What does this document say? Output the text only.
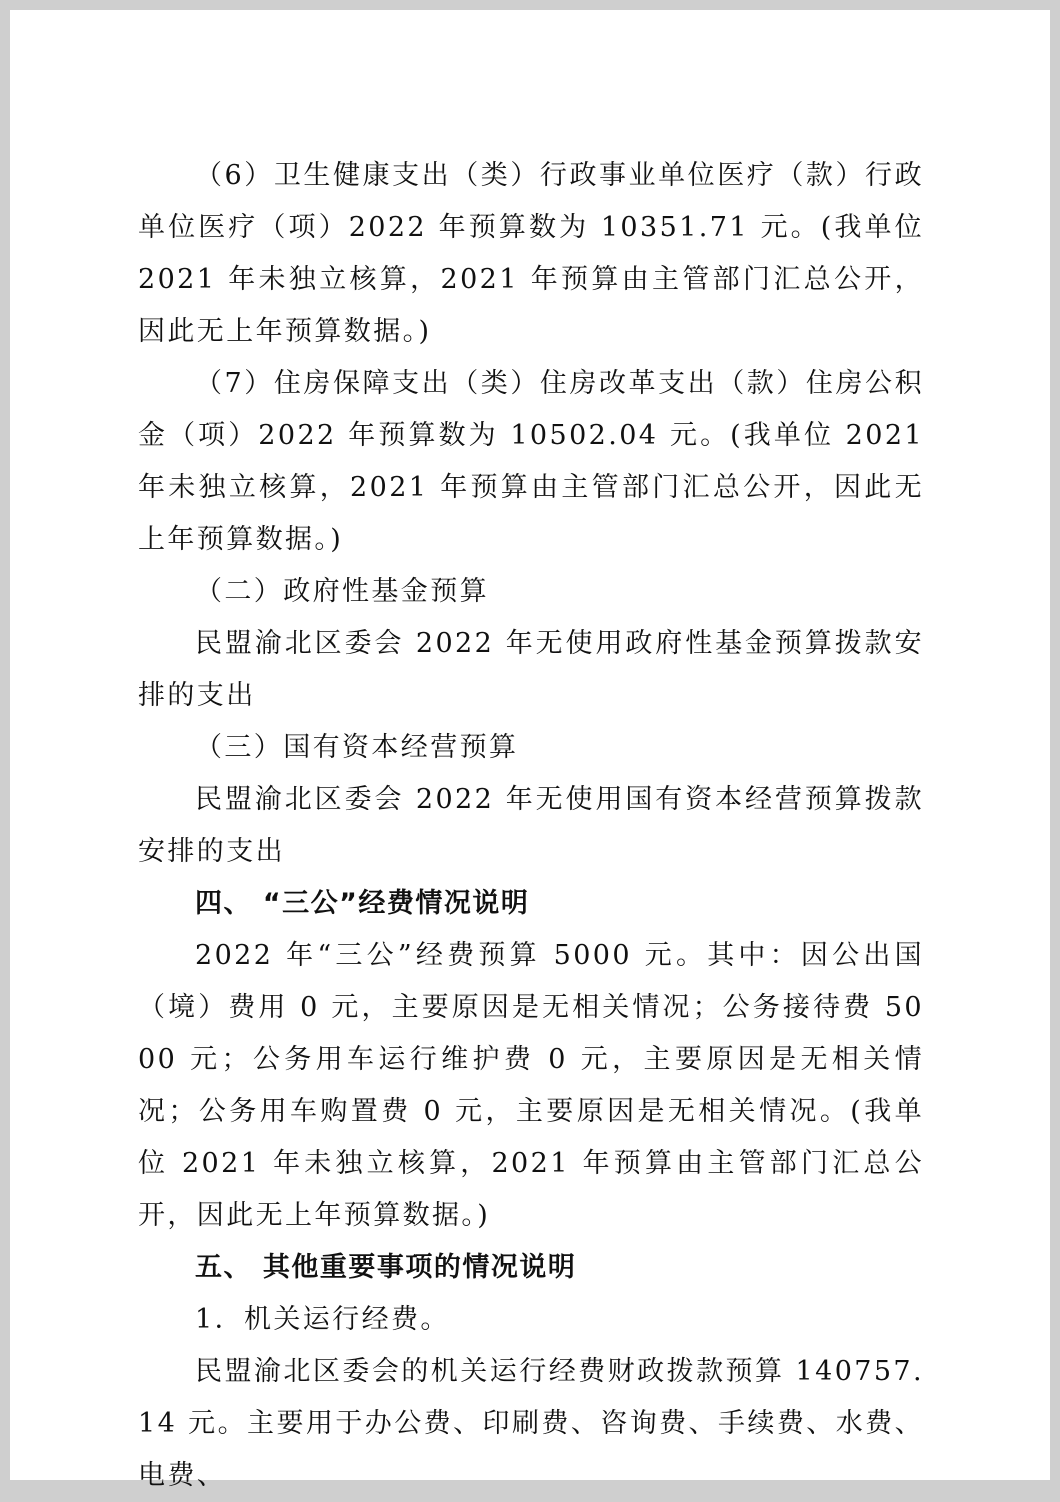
（6）卫生健康支出（类）行政事业单位医疗（款）行政单位医疗（项）2022 年预算数为 10351.71 元。(我单位 2021 年未独立核算，2021 年预算由主管部门汇总公开，因此无上年预算数据。)

（7）住房保障支出（类）住房改革支出（款）住房公积金（项）2022 年预算数为 10502.04 元。(我单位 2021 年未独立核算，2021 年预算由主管部门汇总公开，因此无上年预算数据。)

（二）政府性基金预算

民盟渝北区委会 2022 年无使用政府性基金预算拨款安排的支出

（三）国有资本经营预算

民盟渝北区委会 2022 年无使用国有资本经营预算拨款安排的支出

四、 “三公”经费情况说明

2022 年“三公”经费预算 5000 元。其中：因公出国（境）费用 0 元，主要原因是无相关情况；公务接待费 5000 元；公务用车运行维护费 0 元，主要原因是无相关情况；公务用车购置费 0 元，主要原因是无相关情况。(我单位 2021 年未独立核算，2021 年预算由主管部门汇总公开，因此无上年预算数据。)

五、 其他重要事项的情况说明

1．机关运行经费。

民盟渝北区委会的机关运行经费财政拨款预算 140757.14 元。主要用于办公费、印刷费、咨询费、手续费、水费、电费、
